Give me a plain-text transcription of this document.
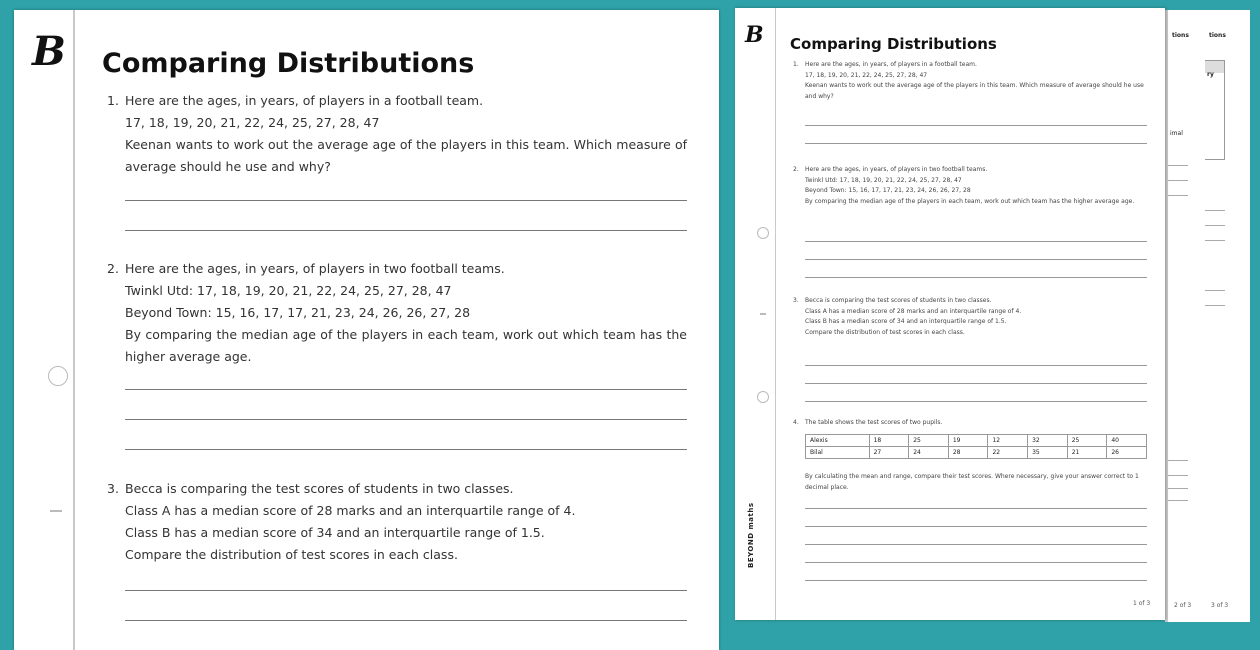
tions
ry
3 of 3
tions
imal
2 of 3
B
BEYOND maths
Comparing Distributions
1. Here are the ages, in years, of players in a football team.

17, 18, 19, 20, 21, 22, 24, 25, 27, 28, 47

Keenan wants to work out the average age of the players in this team. Which measure of average should he use and why?

2. Here are the ages, in years, of players in two football teams.

Twinkl Utd: 17, 18, 19, 20, 21, 22, 24, 25, 27, 28, 47

Beyond Town: 15, 16, 17, 17, 21, 23, 24, 26, 26, 27, 28

By comparing the median age of the players in each team, work out which team has the higher average age.

3. Becca is comparing the test scores of students in two classes.

Class A has a median score of 28 marks and an interquartile range of 4.

Class B has a median score of 34 and an interquartile range of 1.5.

Compare the distribution of test scores in each class.

4. The table shows the test scores of two pupils.

Alexis	18	25	19	12	32	25	40
Bilal	27	24	28	22	35	21	26

By calculating the mean and range, compare their test scores. Where necessary, give your answer correct to 1 decimal place.

1 of 3
B Comparing Distributions
1. Here are the ages, in years, of players in a football team.

17, 18, 19, 20, 21, 22, 24, 25, 27, 28, 47

Keenan wants to work out the average age of the players in this team. Which measure of average should he use and why?

2. Here are the ages, in years, of players in two football teams.

Twinkl Utd: 17, 18, 19, 20, 21, 22, 24, 25, 27, 28, 47

Beyond Town: 15, 16, 17, 17, 21, 23, 24, 26, 26, 27, 28

By comparing the median age of the players in each team, work out which team has the higher average age.

3. Becca is comparing the test scores of students in two classes.

Class A has a median score of 28 marks and an interquartile range of 4.

Class B has a median score of 34 and an interquartile range of 1.5.

Compare the distribution of test scores in each class.
